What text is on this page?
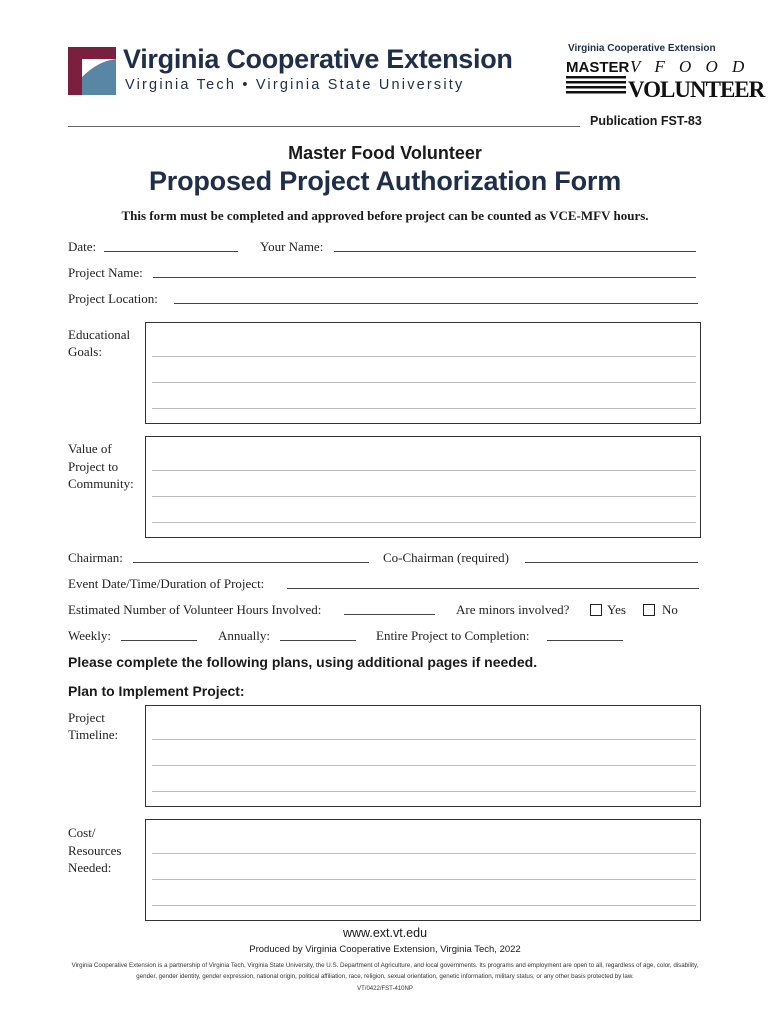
Virginia Cooperative Extension
Virginia Tech • Virginia State University
Virginia Cooperative Extension
MASTER V F O O D
VOLUNTEER
Publication FST-83
Master Food Volunteer
Proposed Project Authorization Form
This form must be completed and approved before project can be counted as VCE-MFV hours.
Date:	Your Name:
Project Name:
Project Location:
Educational
Goals:
Value of
Project to
Community:
Chairman:	Co-Chairman (required)
Event Date/Time/Duration of Project:
Estimated Number of Volunteer Hours Involved:	Are minors involved?	Yes	No
Weekly:	Annually:	Entire Project to Completion:
Please complete the following plans, using additional pages if needed.
Plan to Implement Project:
Project
Timeline:
Cost/
Resources
Needed:
www.ext.vt.edu
Produced by Virginia Cooperative Extension, Virginia Tech, 2022
Virginia Cooperative Extension is a partnership of Virginia Tech, Virginia State University, the U.S. Department of Agriculture, and local governments. Its programs and employment are open to all, regardless of age, color, disability,
gender, gender identity, gender expression, national origin, political affiliation, race, religion, sexual orientation, genetic information, military status, or any other basis protected by law.
VT/0422/FST-410NP
